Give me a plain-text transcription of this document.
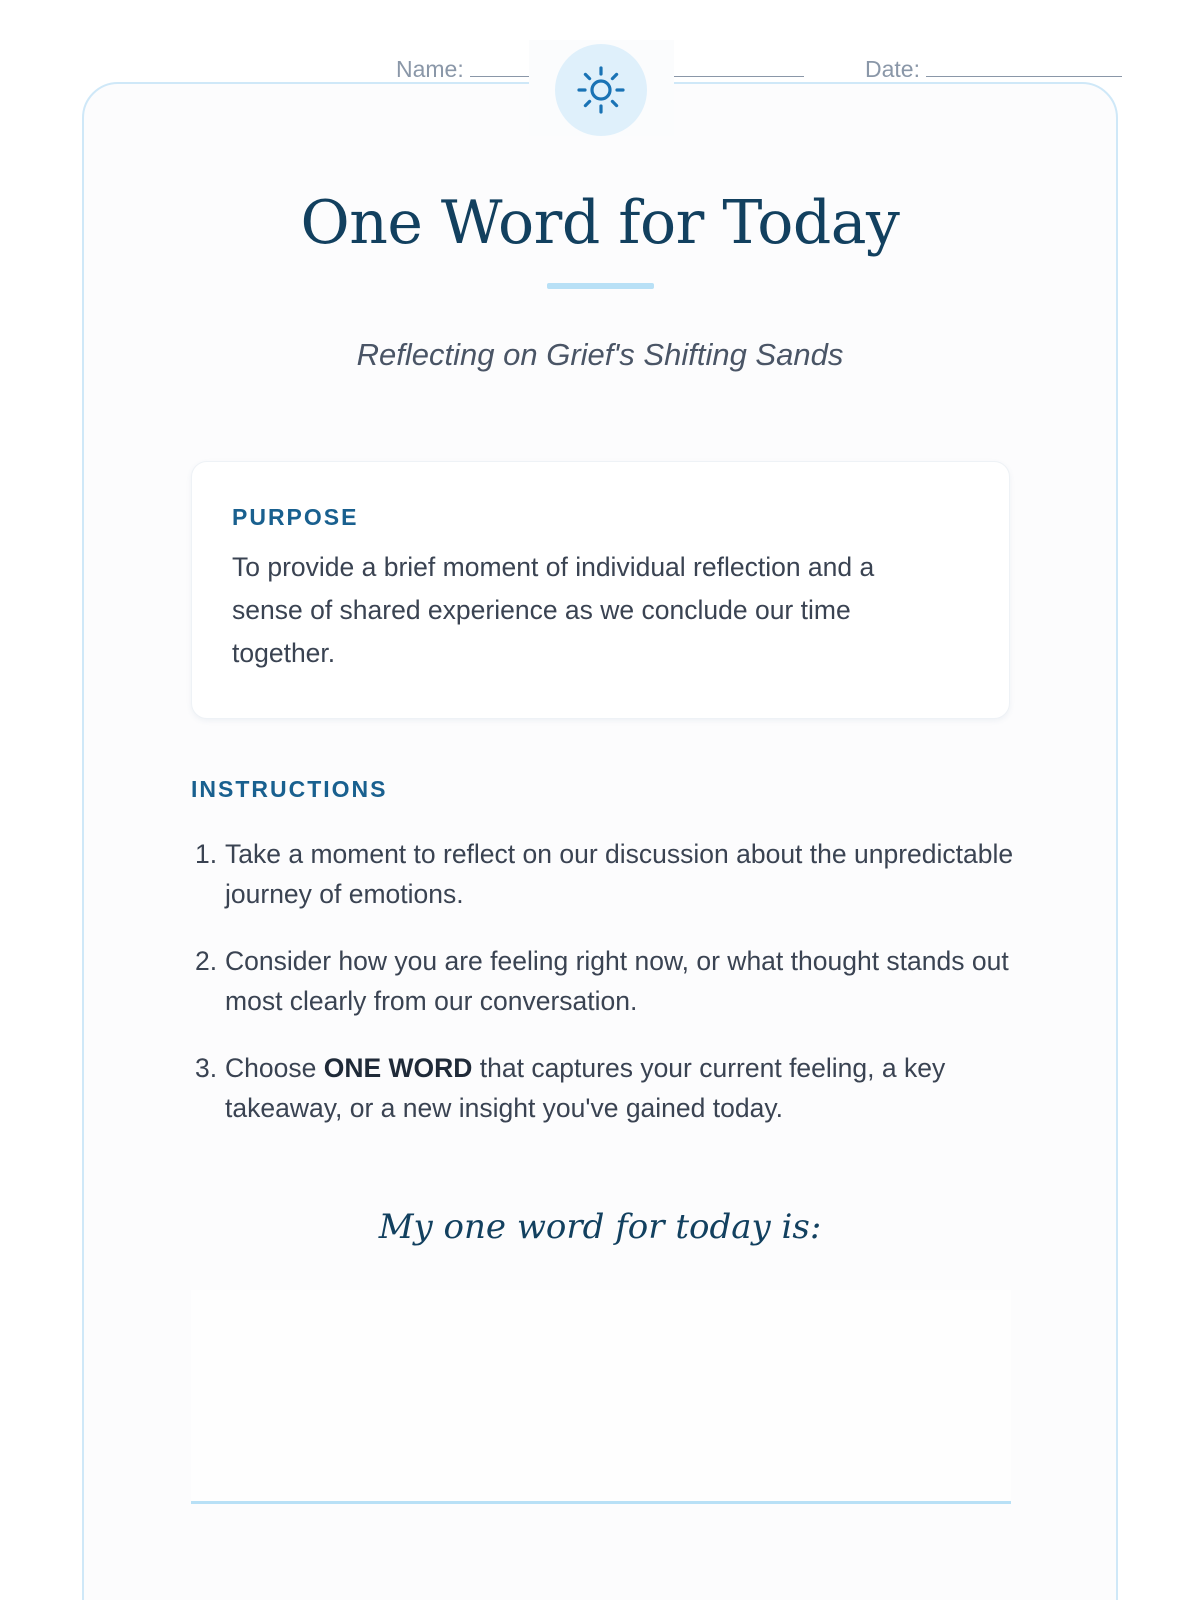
Name:	Date:
One Word for Today
Reflecting on Grief's Shifting Sands
PURPOSE
To provide a brief moment of individual reflection and a sense of shared experience as we conclude our time together.
INSTRUCTIONS
1. Take a moment to reflect on our discussion about the unpredictable journey of emotions.
2. Consider how you are feeling right now, or what thought stands out most clearly from our conversation.
3. Choose ONE WORD that captures your current feeling, a key takeaway, or a new insight you've gained today.
My one word for today is:
